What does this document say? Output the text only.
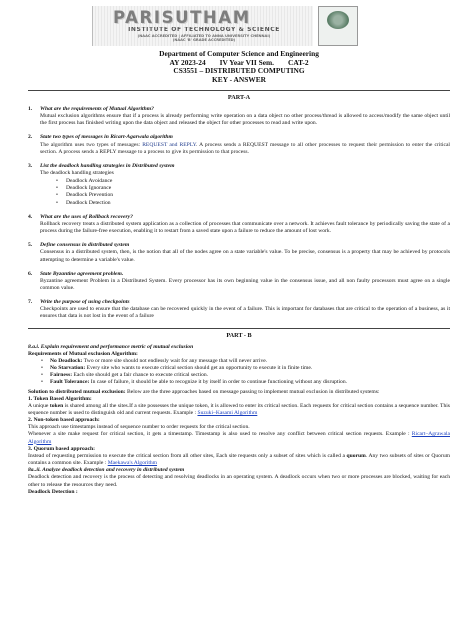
PARISUTHAM
INSTITUTE OF TECHNOLOGY & SCIENCE
(NAAC ACCREDITED | AFFILIATED TO ANNA UNIVERSITY CHENNAI)
(NAAC 'B' GRADE ACCREDITED)
Department of Computer Science and Engineering
AY 2023-24 IV Year VII Sem. CAT-2
CS3551 – DISTRIBUTED COMPUTING
KEY - ANSWER
PART-A
1. What are the requirements of Mutual Algorithm?
Mutual exclusion algorithms ensure that if a process is already performing write operation on a data object no other process/thread is allowed to access/modify the same object until the first process has finished writing upon the data object and released the object for other processes to read and write upon.
2. State two types of messages in Ricart-Agarwala algorithm
The algorithm uses two types of messages: REQUEST and REPLY. A process sends a REQUEST message to all other processes to request their permission to enter the critical section. A process sends a REPLY message to a process to give its permission to that process.
3. List the deadlock handling strategies in Distributed system
The deadlock handling strategies
• Deadlock Avoidance
• Deadlock Ignorance
• Deadlock Prevention
• Deadlock Detection
4. What are the uses of Rollback recovery?
Rollback recovery treats a distributed system application as a collection of processes that communicate over a network. It achieves fault tolerance by periodically saving the state of a process during the failure-free execution, enabling it to restart from a saved state upon a failure to reduce the amount of lost work.
5. Define consensus in distributed system
Consensus in a distributed system, then, is the notion that all of the nodes agree on a state variable's value. To be precise, consensus is a property that may be achieved by protocols attempting to determine a variable's value.
6. State Byzantine agreement problem.
Byzantine agreement Problem in a Distributed System. Every processor has its own beginning value in the consensus issue, and all non faulty processors must agree on a single common value.
7. Write the purpose of using checkpoints
Checkpoints are used to ensure that the database can be recovered quickly in the event of a failure. This is important for databases that are critical to the operation of a business, as it ensures that data is not lost in the event of a failure
PART - B
8.a.i. Explain requirement and performance metric of mutual exclusion
Requirements of Mutual exclusion Algorithm:
• No Deadlock: Two or more site should not endlessly wait for any message that will never arrive.
• No Starvation: Every site who wants to execute critical section should get an opportunity to execute it in finite time.
• Fairness: Each site should get a fair chance to execute critical section.
• Fault Tolerance: In case of failure, it should be able to recognize it by itself in order to continue functioning without any disruption.
Solution to distributed mutual exclusion: Below are the three approaches based on message passing to implement mutual exclusion in distributed systems:
1. Token Based Algorithm:
A unique token is shared among all the sites.If a site possesses the unique token, it is allowed to enter its critical section. Each requests for critical section contains a sequence number. This sequence number is used to distinguish old and current requests. Example : Suzuki–Kasami Algorithm
2. Non-token based approach:
This approach use timestamps instead of sequence number to order requests for the critical section.
Whenever a site make request for critical section, it gets a timestamp. Timestamp is also used to resolve any conflict between critical section requests. Example : Ricart–Agrawala Algorithm
3. Quorum based approach:
Instead of requesting permission to execute the critical section from all other sites, Each site requests only a subset of sites which is called a quorum. Any two subsets of sites or Quorum contains a common site. Example : Maekawa's Algorithm
8a..ii. Analyze deadlock detection and recovery in distributed system
Deadlock detection and recovery is the process of detecting and resolving deadlocks in an operating system. A deadlock occurs when two or more processes are blocked, waiting for each other to release the resources they need.
Deadlock Detection :
